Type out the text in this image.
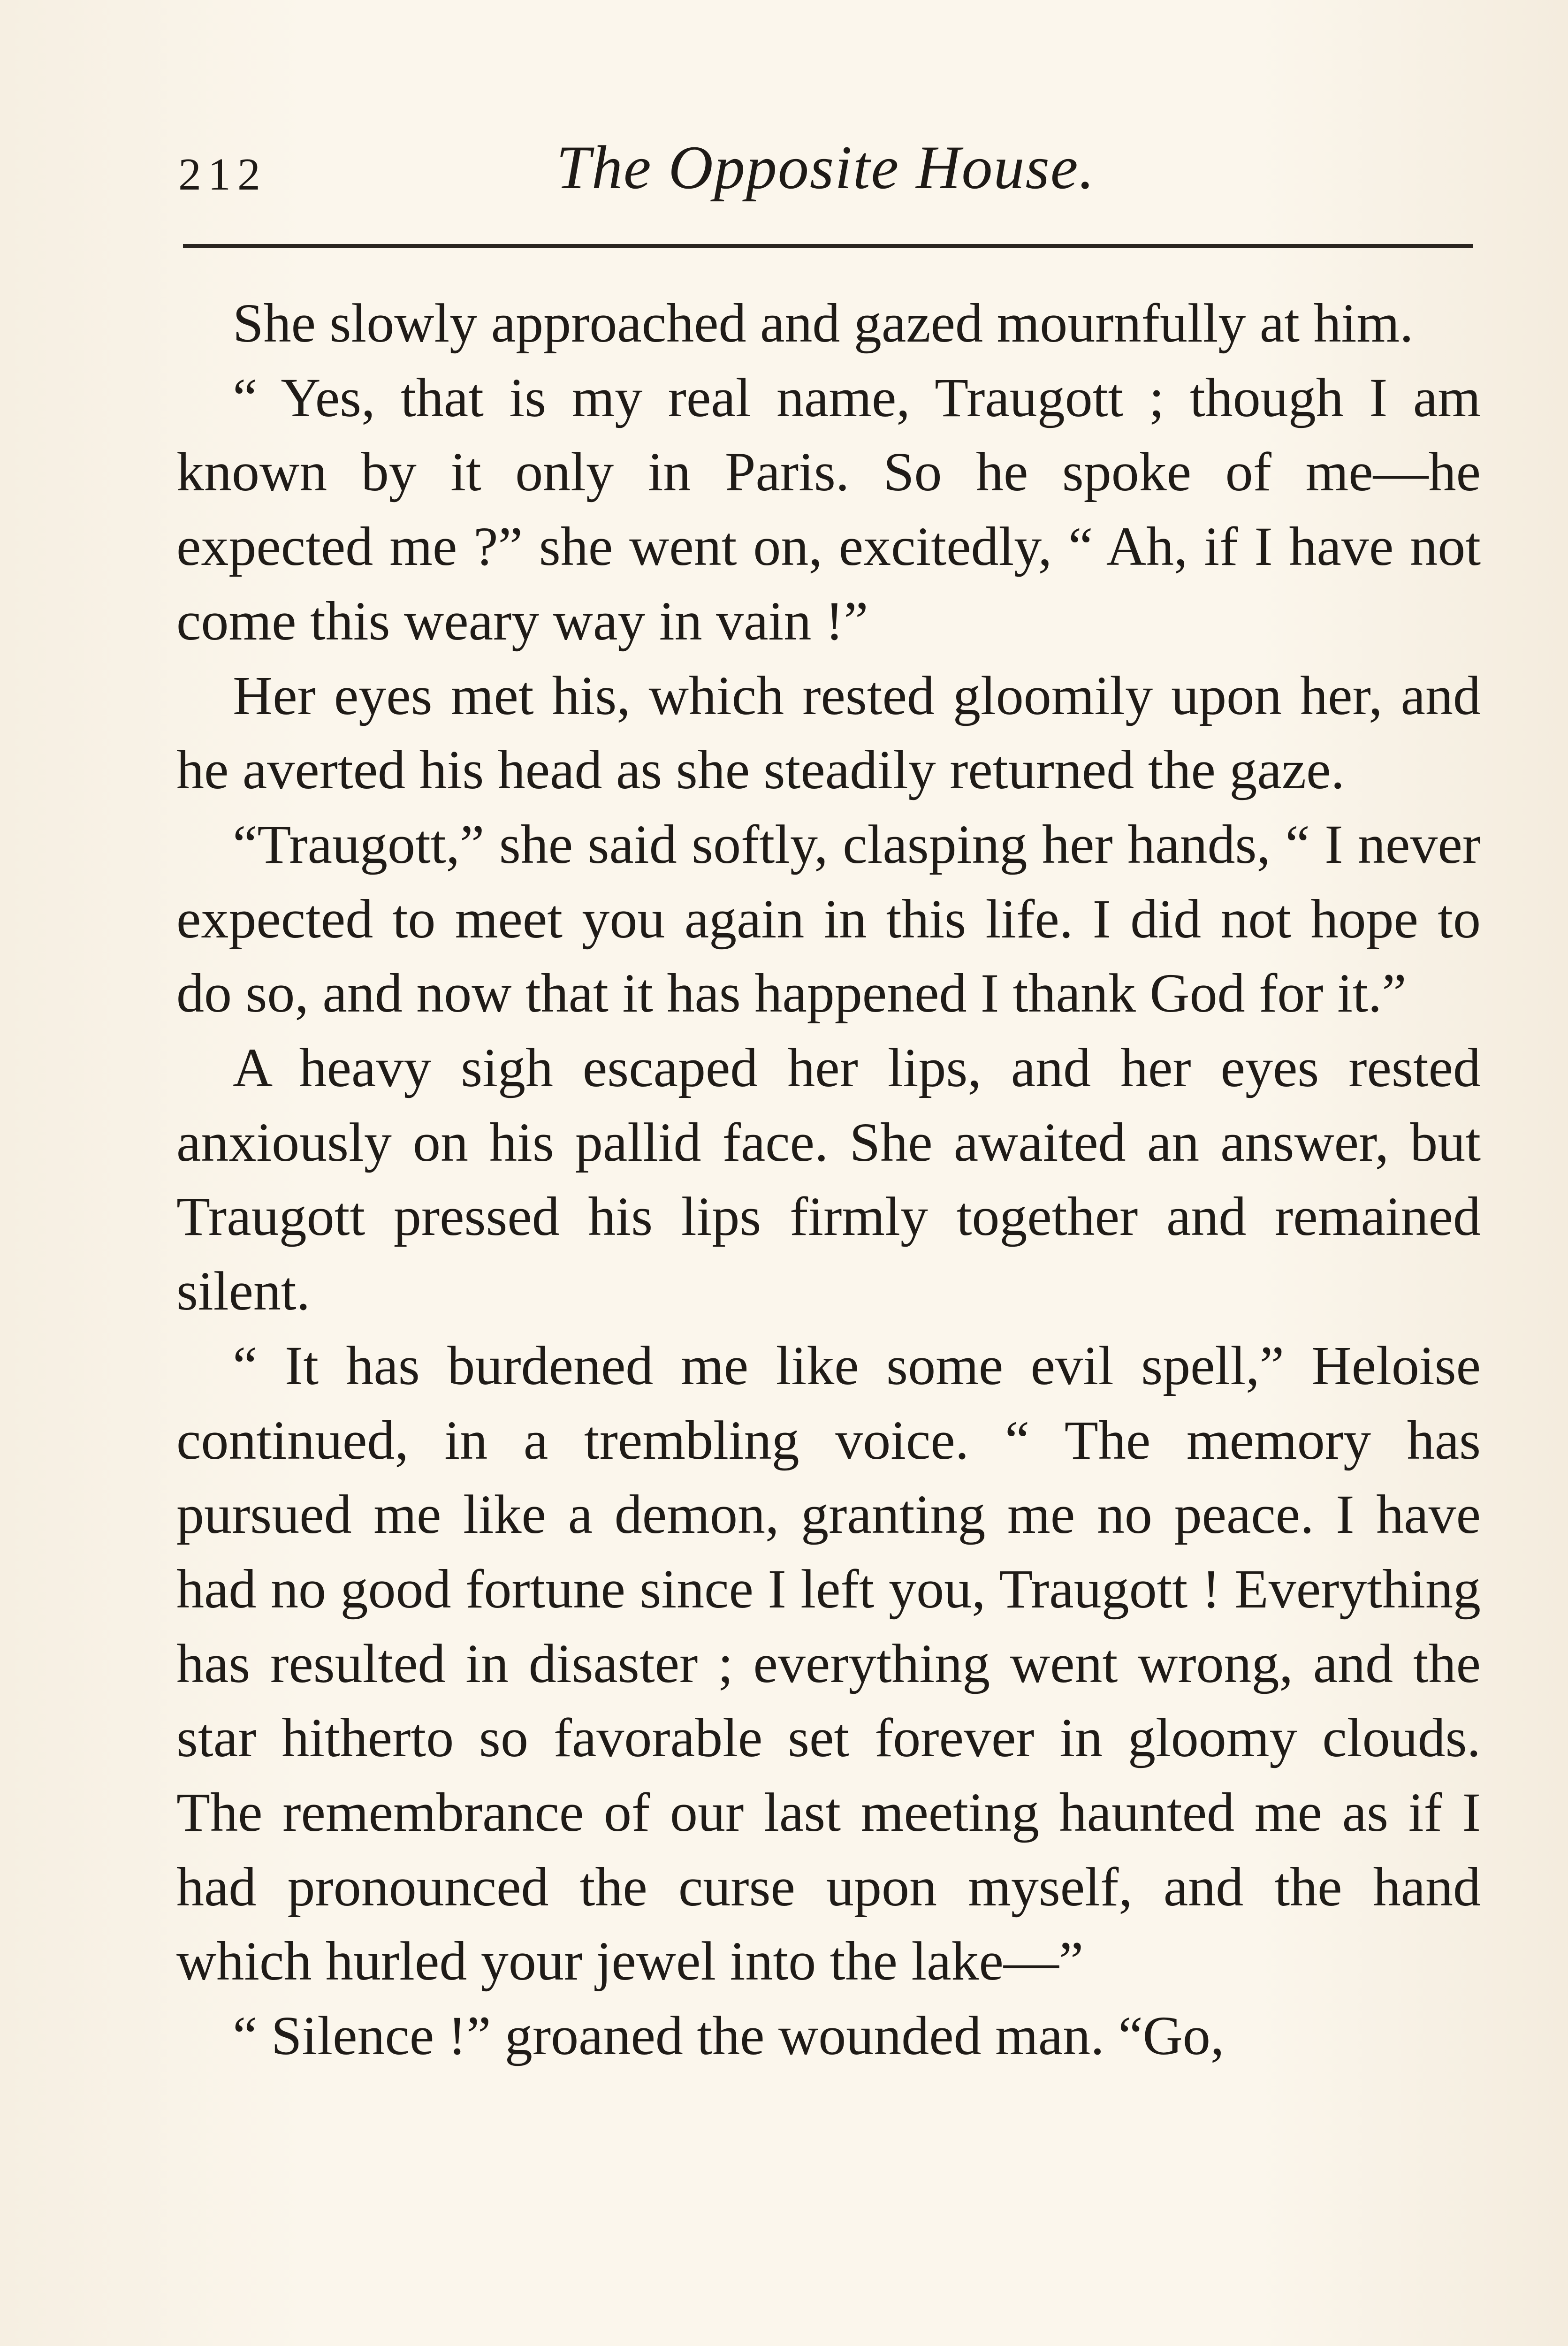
212	The Opposite House.

She slowly approached and gazed mournfully at him.

“ Yes, that is my real name, Traugott ; though I am known by it only in Paris. So he spoke of me—he expected me ?” she went on, excitedly, “ Ah, if I have not come this weary way in vain !”

Her eyes met his, which rested gloomily upon her, and he averted his head as she steadily returned the gaze.

“Traugott,” she said softly, clasping her hands, “ I never expected to meet you again in this life. I did not hope to do so, and now that it has happened I thank God for it.”

A heavy sigh escaped her lips, and her eyes rested anxiously on his pallid face. She awaited an answer, but Traugott pressed his lips firmly together and remained silent.

“ It has burdened me like some evil spell,” Heloise continued, in a trembling voice. “ The memory has pursued me like a demon, granting me no peace. I have had no good fortune since I left you, Traugott ! Everything has resulted in disaster ; everything went wrong, and the star hitherto so favorable set forever in gloomy clouds. The remembrance of our last meeting haunted me as if I had pronounced the curse upon myself, and the hand which hurled your jewel into the lake—”

“ Silence !” groaned the wounded man. “Go,
